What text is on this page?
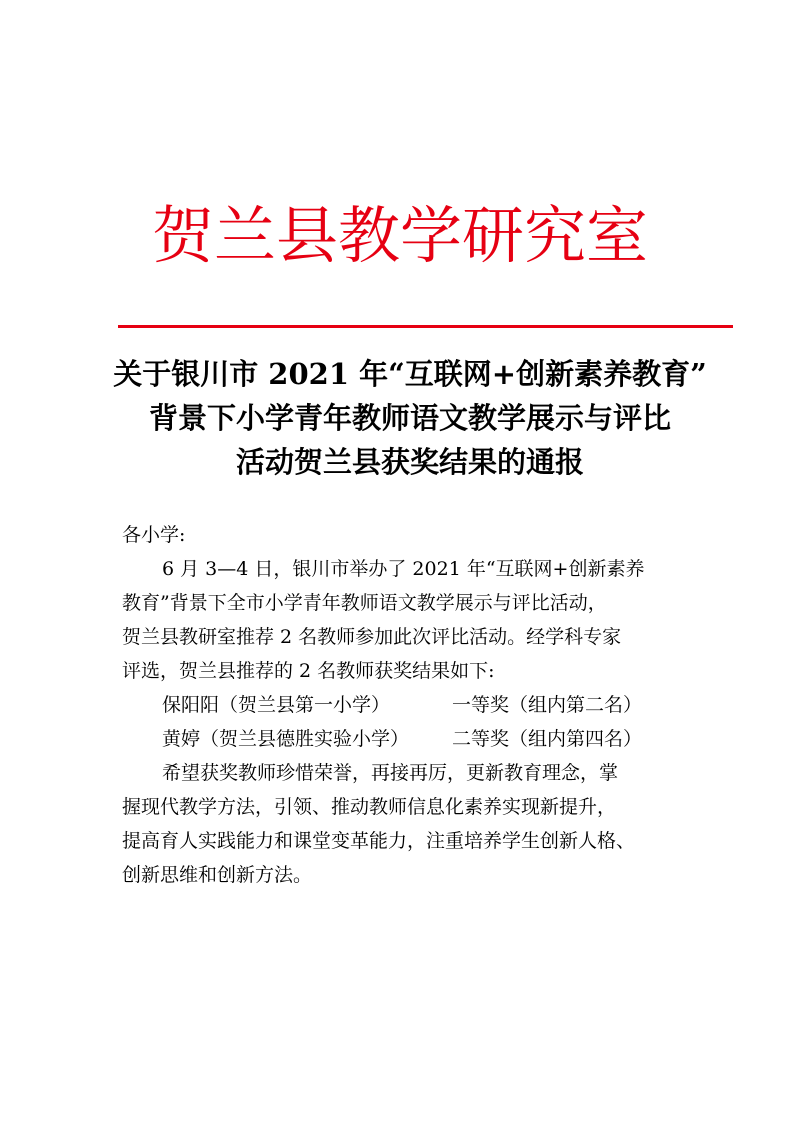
贺兰县教学研究室
关于银川市 2021 年“互联网+创新素养教育”
背景下小学青年教师语文教学展示与评比
活动贺兰县获奖结果的通报

各小学:

6 月 3—4 日，银川市举办了 2021 年“互联网+创新素养

教育”背景下全市小学青年教师语文教学展示与评比活动，

贺兰县教研室推荐 2 名教师参加此次评比活动。经学科专家

评选，贺兰县推荐的 2 名教师获奖结果如下:

保阳阳（贺兰县第一小学）	一等奖（组内第二名）
黄婷（贺兰县德胜实验小学）	二等奖（组内第四名）

希望获奖教师珍惜荣誉，再接再厉，更新教育理念，掌

握现代教学方法，引领、推动教师信息化素养实现新提升，

提高育人实践能力和课堂变革能力，注重培养学生创新人格、

创新思维和创新方法。
